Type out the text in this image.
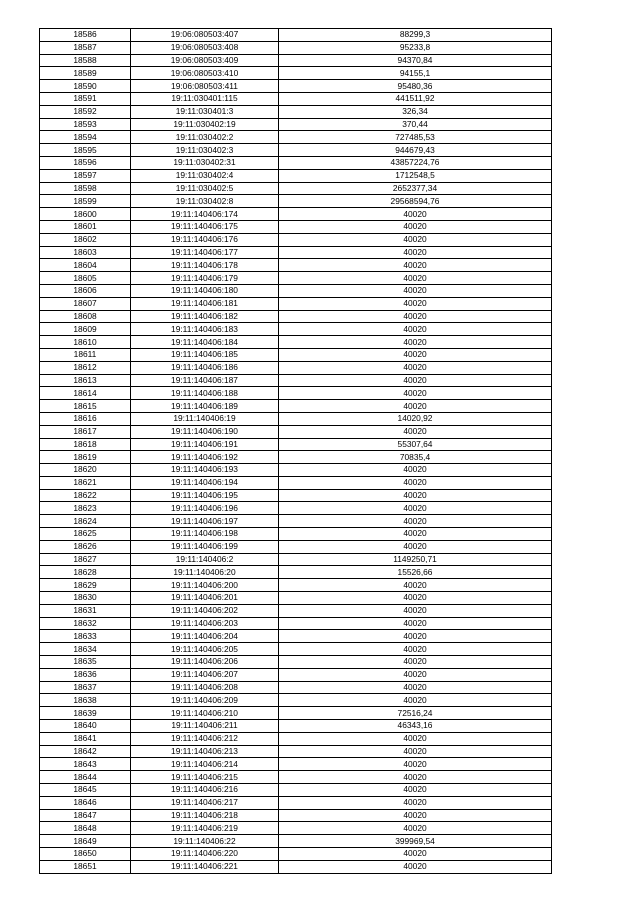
18586	19:06:080503:407	88299,3
18587	19:06:080503:408	95233,8
18588	19:06:080503:409	94370,84
18589	19:06:080503:410	94155,1
18590	19:06:080503:411	95480,36
18591	19:11:030401:115	441511,92
18592	19:11:030401:3	326,34
18593	19:11:030402:19	370,44
18594	19:11:030402:2	727485,53
18595	19:11:030402:3	944679,43
18596	19:11:030402:31	43857224,76
18597	19:11:030402:4	1712548,5
18598	19:11:030402:5	2652377,34
18599	19:11:030402:8	29568594,76
18600	19:11:140406:174	40020
18601	19:11:140406:175	40020
18602	19:11:140406:176	40020
18603	19:11:140406:177	40020
18604	19:11:140406:178	40020
18605	19:11:140406:179	40020
18606	19:11:140406:180	40020
18607	19:11:140406:181	40020
18608	19:11:140406:182	40020
18609	19:11:140406:183	40020
18610	19:11:140406:184	40020
18611	19:11:140406:185	40020
18612	19:11:140406:186	40020
18613	19:11:140406:187	40020
18614	19:11:140406:188	40020
18615	19:11:140406:189	40020
18616	19:11:140406:19	14020,92
18617	19:11:140406:190	40020
18618	19:11:140406:191	55307,64
18619	19:11:140406:192	70835,4
18620	19:11:140406:193	40020
18621	19:11:140406:194	40020
18622	19:11:140406:195	40020
18623	19:11:140406:196	40020
18624	19:11:140406:197	40020
18625	19:11:140406:198	40020
18626	19:11:140406:199	40020
18627	19:11:140406:2	1149250,71
18628	19:11:140406:20	15526,66
18629	19:11:140406:200	40020
18630	19:11:140406:201	40020
18631	19:11:140406:202	40020
18632	19:11:140406:203	40020
18633	19:11:140406:204	40020
18634	19:11:140406:205	40020
18635	19:11:140406:206	40020
18636	19:11:140406:207	40020
18637	19:11:140406:208	40020
18638	19:11:140406:209	40020
18639	19:11:140406:210	72516,24
18640	19:11:140406:211	46343,16
18641	19:11:140406:212	40020
18642	19:11:140406:213	40020
18643	19:11:140406:214	40020
18644	19:11:140406:215	40020
18645	19:11:140406:216	40020
18646	19:11:140406:217	40020
18647	19:11:140406:218	40020
18648	19:11:140406:219	40020
18649	19:11:140406:22	399969,54
18650	19:11:140406:220	40020
18651	19:11:140406:221	40020
